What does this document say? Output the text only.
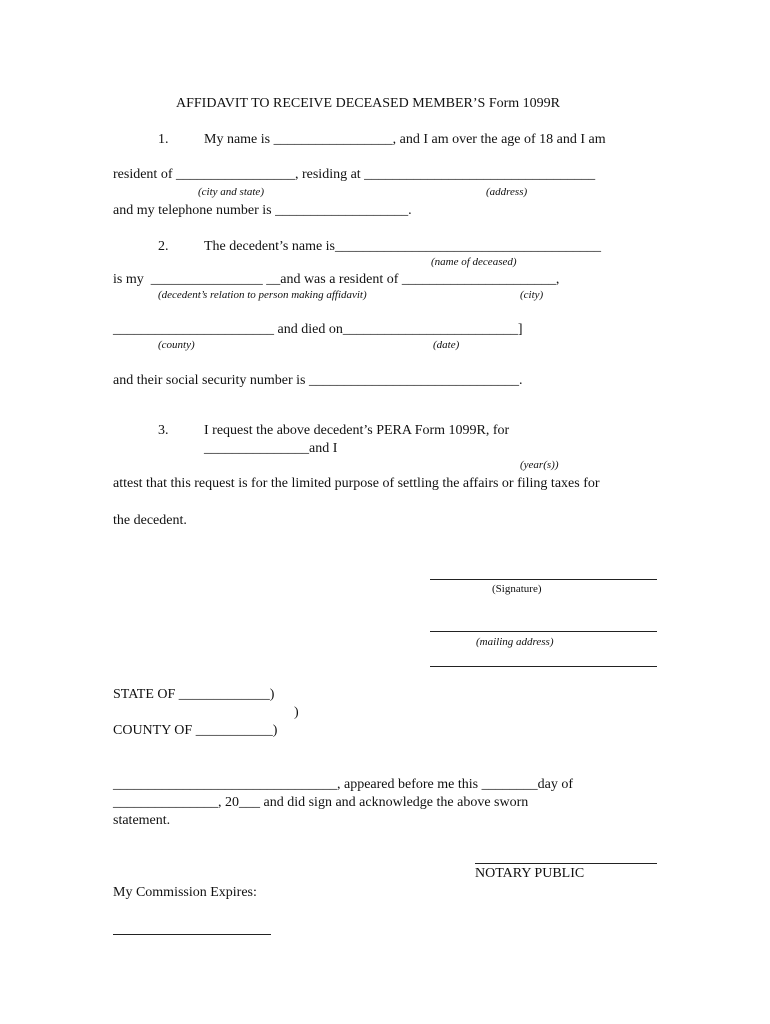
AFFIDAVIT TO RECEIVE DECEASED MEMBER’S Form 1099R
1.	My name is _________________, and I am over the age of 18 and I am
resident of _________________, residing at _________________________________
(city and state)	(address)
and my telephone number is ___________________.
2.	The decedent’s name is______________________________________
(name of deceased)
is my  ________________ __and was a resident of ______________________,
(decedent’s relation to person making affidavit)	(city)
_______________________ and died on_________________________]
(county)	(date)
and their social security number is ______________________________.
3.	I request the above decedent’s PERA Form 1099R, for
_______________and I
(year(s))
attest that this request is for the limited purpose of settling the affairs or filing taxes for
the decedent.
(Signature)
(mailing address)
STATE OF _____________)
)
COUNTY OF ___________)
________________________________, appeared before me this ________day of
_______________, 20___ and did sign and acknowledge the above sworn
statement.
NOTARY PUBLIC
My Commission Expires:
